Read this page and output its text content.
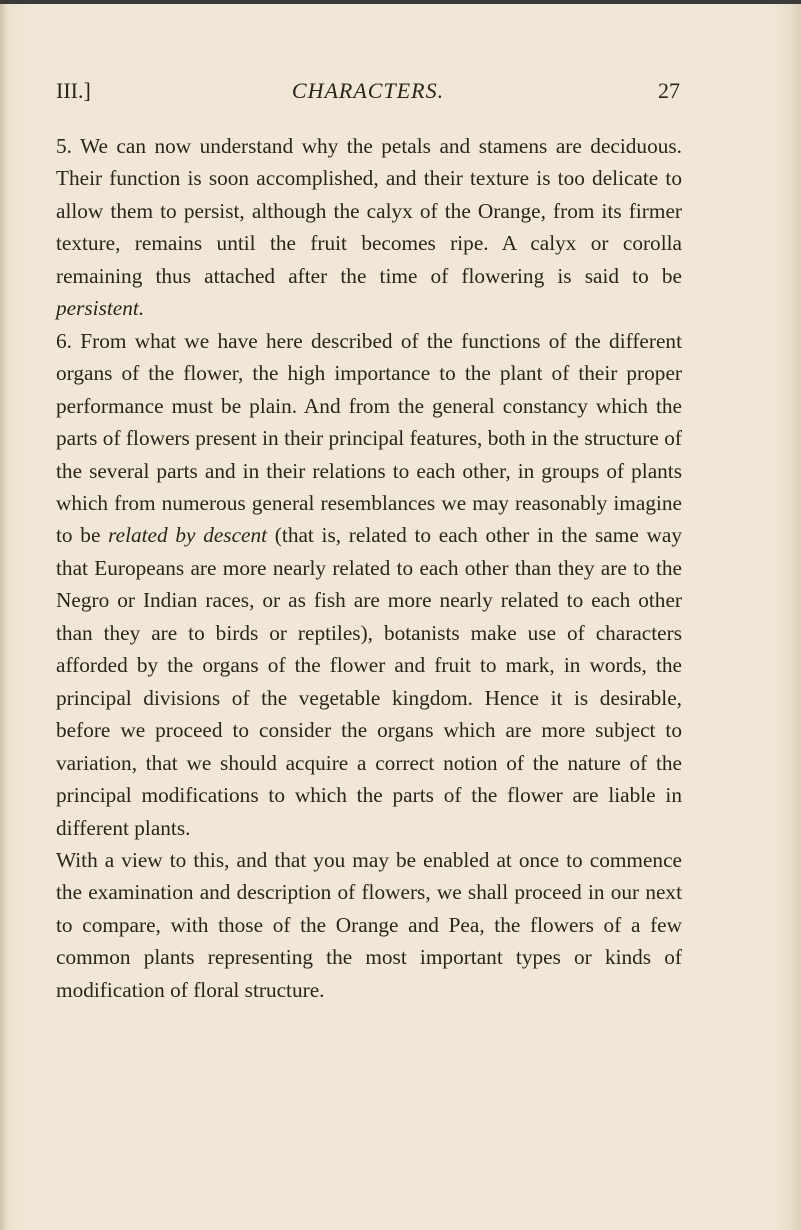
III.]	CHARACTERS.	27

5. We can now understand why the petals and stamens are deciduous. Their function is soon accomplished, and their texture is too delicate to allow them to persist, although the calyx of the Orange, from its firmer texture, remains until the fruit becomes ripe. A calyx or corolla remaining thus attached after the time of flowering is said to be persistent.

6. From what we have here described of the functions of the different organs of the flower, the high importance to the plant of their proper performance must be plain. And from the general constancy which the parts of flowers present in their principal features, both in the structure of the several parts and in their relations to each other, in groups of plants which from numerous general resemblances we may reasonably imagine to be related by descent (that is, related to each other in the same way that Europeans are more nearly related to each other than they are to the Negro or Indian races, or as fish are more nearly related to each other than they are to birds or reptiles), botanists make use of characters afforded by the organs of the flower and fruit to mark, in words, the principal divisions of the vegetable kingdom. Hence it is desirable, before we proceed to consider the organs which are more subject to variation, that we should acquire a correct notion of the nature of the principal modifications to which the parts of the flower are liable in different plants.

With a view to this, and that you may be enabled at once to commence the examination and description of flowers, we shall proceed in our next to compare, with those of the Orange and Pea, the flowers of a few common plants representing the most important types or kinds of modification of floral structure.
